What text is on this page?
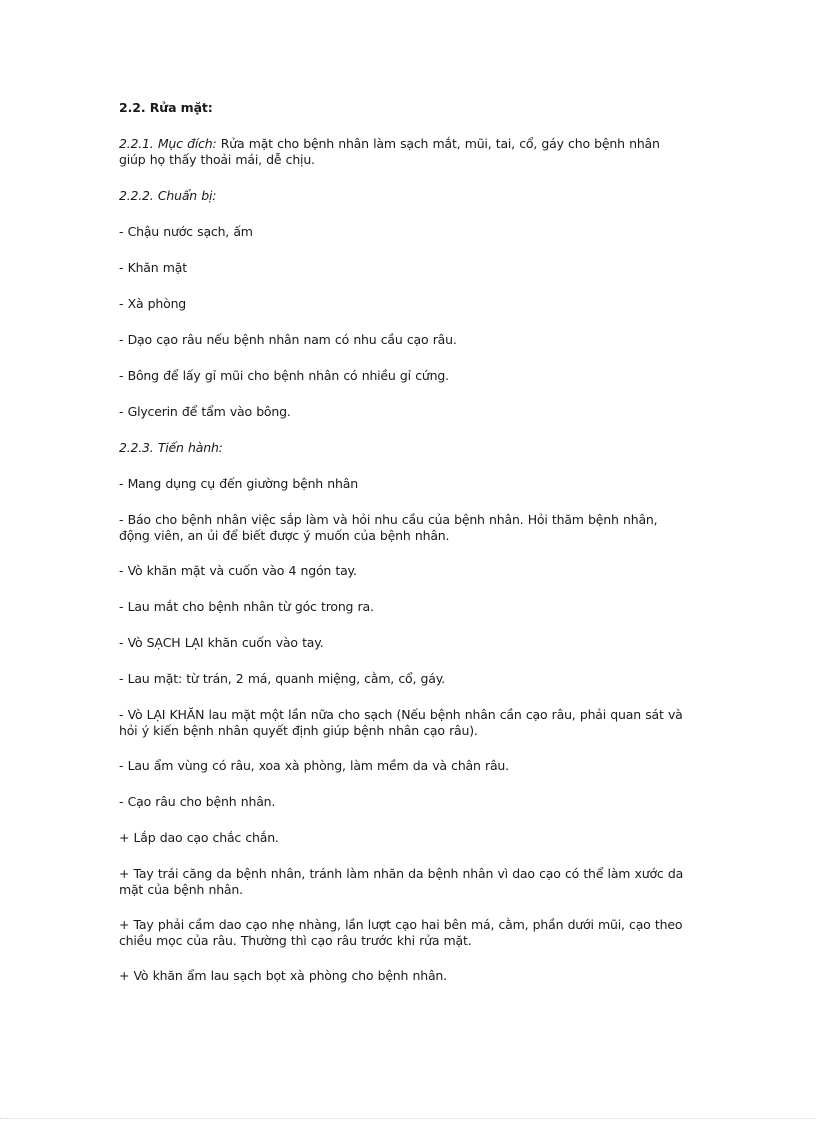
2.2. Rửa mặt:
2.2.1. Mục đích: Rửa mặt cho bệnh nhân làm sạch mắt, mũi, tai, cổ, gáy cho bệnh nhân giúp họ thấy thoải mái, dễ chịu.
2.2.2. Chuẩn bị:
- Chậu nước sạch, ấm
- Khăn mặt
- Xà phòng
- Dạo cạo râu nếu bệnh nhân nam có nhu cầu cạo râu.
- Bông để lấy gỉ mũi cho bệnh nhân có nhiều gỉ cứng.
- Glycerin để tẩm vào bông.
2.2.3. Tiến hành:
- Mang dụng cụ đến giường bệnh nhân
- Báo cho bệnh nhân việc sắp làm và hỏi nhu cầu của bệnh nhân. Hỏi thăm bệnh nhân, động viên, an ủi để biết được ý muốn của bệnh nhân.
- Vò khăn mặt và cuốn vào 4 ngón tay.
- Lau mắt cho bệnh nhân từ góc trong ra.
- Vò SẠCH LẠI khăn cuốn vào tay.
- Lau mặt: từ trán, 2 má, quanh miệng, cằm, cổ, gáy.
- Vò LẠI KHĂN lau mặt một lần nữa cho sạch (Nếu bệnh nhân cần cạo râu, phải quan sát và hỏi ý kiến bệnh nhân quyết định giúp bệnh nhân cạo râu).
- Lau ẩm vùng có râu, xoa xà phòng, làm mềm da và chân râu.
- Cạo râu cho bệnh nhân.
+ Lắp dao cạo chắc chắn.
+ Tay trái căng da bệnh nhân, tránh làm nhăn da bệnh nhân vì dao cạo có thể làm xước da mặt của bệnh nhân.
+ Tay phải cầm dao cạo nhẹ nhàng, lần lượt cạo hai bên má, cằm, phần dưới mũi, cạo theo chiều mọc của râu. Thường thì cạo râu trước khi rửa mặt.
+ Vò khăn ẩm lau sạch bọt xà phòng cho bệnh nhân.
